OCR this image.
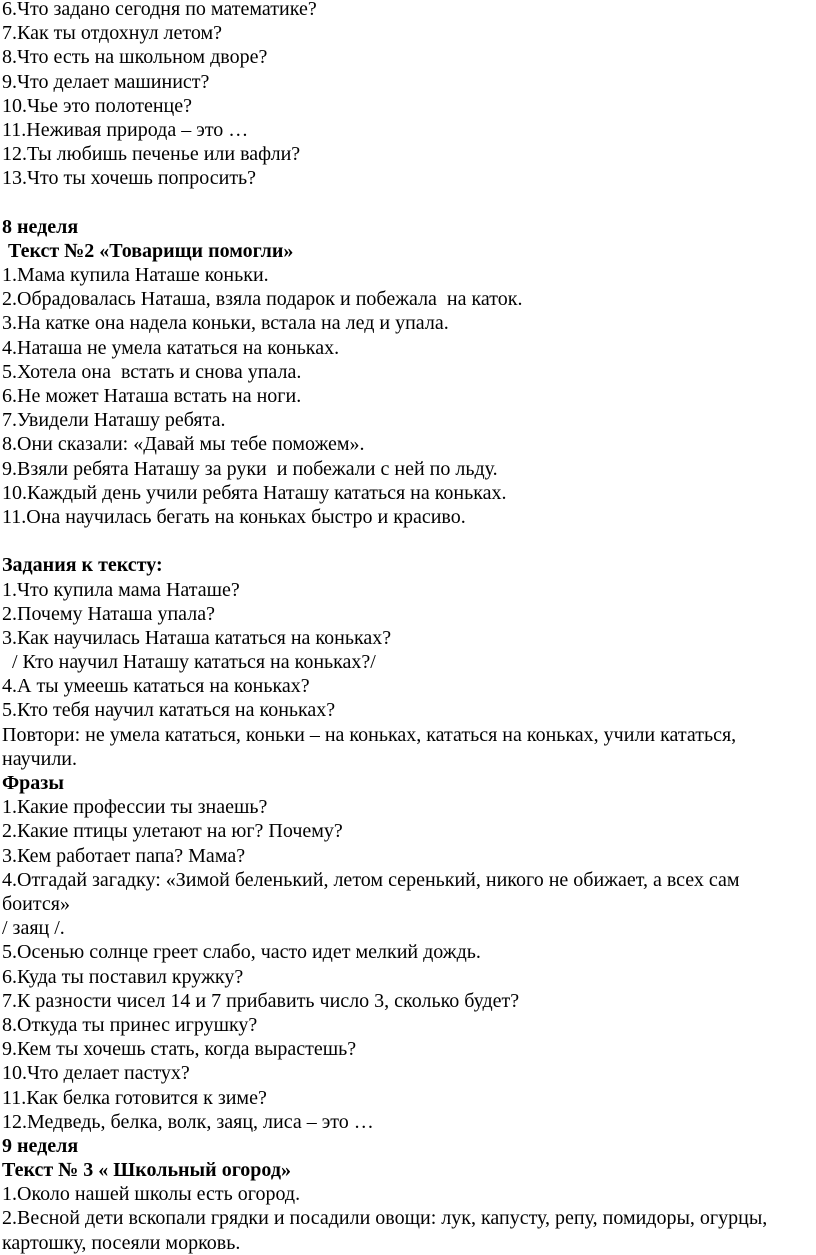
6.Что задано сегодня по математике?
7.Как ты отдохнул летом?
8.Что есть на школьном дворе?
9.Что делает машинист?
10.Чье это полотенце?
11.Неживая природа – это …
12.Ты любишь печенье или вафли?
13.Что ты хочешь попросить?
8 неделя
Текст №2 «Товарищи помогли»
1.Мама купила Наташе коньки.
2.Обрадовалась Наташа, взяла подарок и побежала  на каток.
3.На катке она надела коньки, встала на лед и упала.
4.Наташа не умела кататься на коньках.
5.Хотела она  встать и снова упала.
6.Не может Наташа встать на ноги.
7.Увидели Наташу ребята.
8.Они сказали: «Давай мы тебе поможем».
9.Взяли ребята Наташу за руки  и побежали с ней по льду.
10.Каждый день учили ребята Наташу кататься на коньках.
11.Она научилась бегать на коньках быстро и красиво.
Задания к тексту:
1.Что купила мама Наташе?
2.Почему Наташа упала?
3.Как научилась Наташа кататься на коньках?
/ Кто научил Наташу кататься на коньках?/
4.А ты умеешь кататься на коньках?
5.Кто тебя научил кататься на коньках?
Повтори: не умела кататься, коньки – на коньках, кататься на коньках, учили кататься, научили.
Фразы
1.Какие профессии ты знаешь?
2.Какие птицы улетают на юг? Почему?
3.Кем работает папа? Мама?
4.Отгадай загадку: «Зимой беленький, летом серенький, никого не обижает, а всех сам боится»
/ заяц /.
5.Осенью солнце греет слабо, часто идет мелкий дождь.
6.Куда ты поставил кружку?
7.К разности чисел 14 и 7 прибавить число 3, сколько будет?
8.Откуда ты принес игрушку?
9.Кем ты хочешь стать, когда вырастешь?
10.Что делает пастух?
11.Как белка готовится к зиме?
12.Медведь, белка, волк, заяц, лиса – это …
9 неделя
Текст № 3 « Школьный огород»
1.Около нашей школы есть огород.
2.Весной дети вскопали грядки и посадили овощи: лук, капусту, репу, помидоры, огурцы, картошку, посеяли морковь.
